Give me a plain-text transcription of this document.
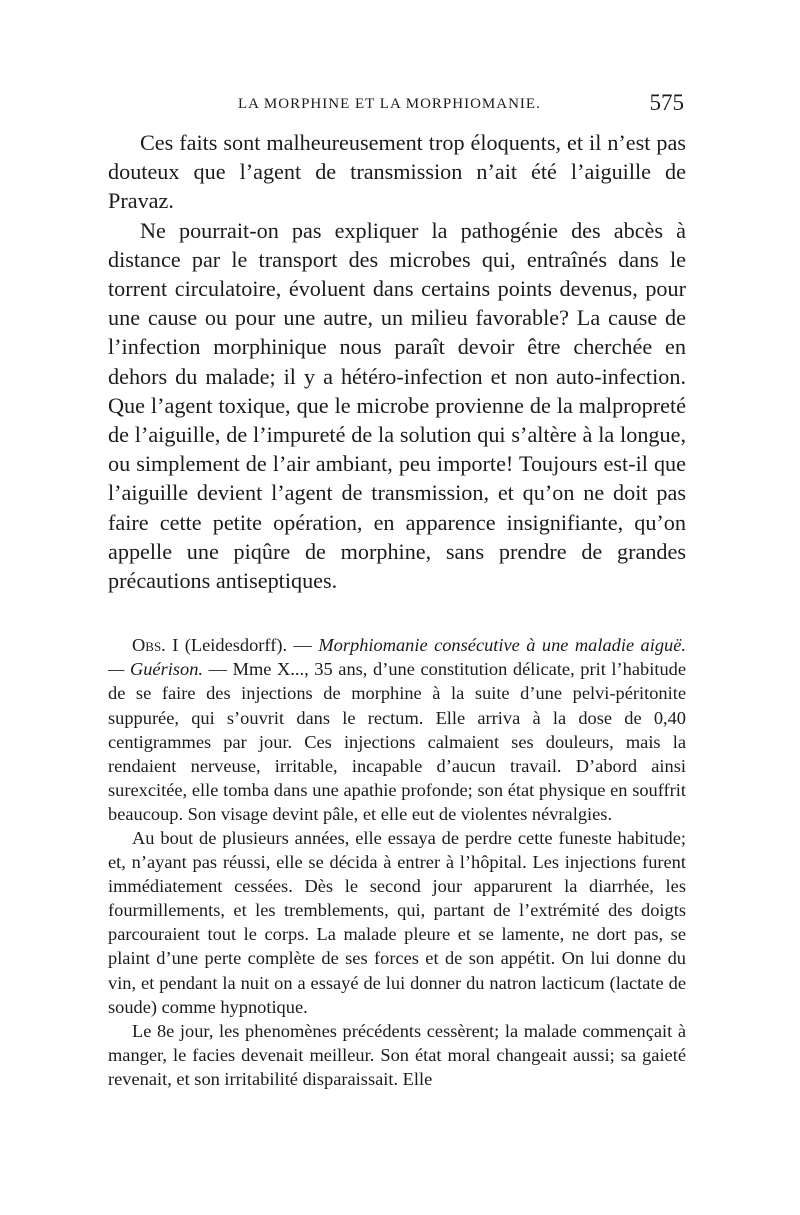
LA MORPHINE ET LA MORPHIOMANIE.	575

Ces faits sont malheureusement trop éloquents, et il n’est pas douteux que l’agent de transmission n’ait été l’aiguille de Pravaz.

Ne pourrait-on pas expliquer la pathogénie des abcès à distance par le transport des microbes qui, entraînés dans le torrent circulatoire, évoluent dans certains points devenus, pour une cause ou pour une autre, un milieu favorable? La cause de l’infection morphinique nous paraît devoir être cherchée en dehors du malade; il y a hétéro-infection et non auto-infection. Que l’agent toxique, que le microbe provienne de la malpropreté de l’aiguille, de l’impureté de la solution qui s’altère à la longue, ou simplement de l’air ambiant, peu importe! Toujours est-il que l’aiguille devient l’agent de transmission, et qu’on ne doit pas faire cette petite opération, en apparence insignifiante, qu’on appelle une piqûre de morphine, sans prendre de grandes précautions antiseptiques.

Obs. I (Leidesdorff). — Morphiomanie consécutive à une maladie aiguë. — Guérison. — Mme X..., 35 ans, d’une constitution délicate, prit l’habitude de se faire des injections de morphine à la suite d’une pelvi-péritonite suppurée, qui s’ouvrit dans le rectum. Elle arriva à la dose de 0,40 centigrammes par jour. Ces injections calmaient ses douleurs, mais la rendaient nerveuse, irritable, incapable d’aucun travail. D’abord ainsi surexcitée, elle tomba dans une apathie profonde; son état physique en souffrit beaucoup. Son visage devint pâle, et elle eut de violentes névralgies.

Au bout de plusieurs années, elle essaya de perdre cette funeste habitude; et, n’ayant pas réussi, elle se décida à entrer à l’hôpital. Les injections furent immédiatement cessées. Dès le second jour apparurent la diarrhée, les fourmillements, et les tremblements, qui, partant de l’extrémité des doigts parcouraient tout le corps. La malade pleure et se lamente, ne dort pas, se plaint d’une perte complète de ses forces et de son appétit. On lui donne du vin, et pendant la nuit on a essayé de lui donner du natron lacticum (lactate de soude) comme hypnotique.

Le 8e jour, les phenomènes précédents cessèrent; la malade commençait à manger, le facies devenait meilleur. Son état moral changeait aussi; sa gaieté revenait, et son irritabilité disparaissait. Elle
